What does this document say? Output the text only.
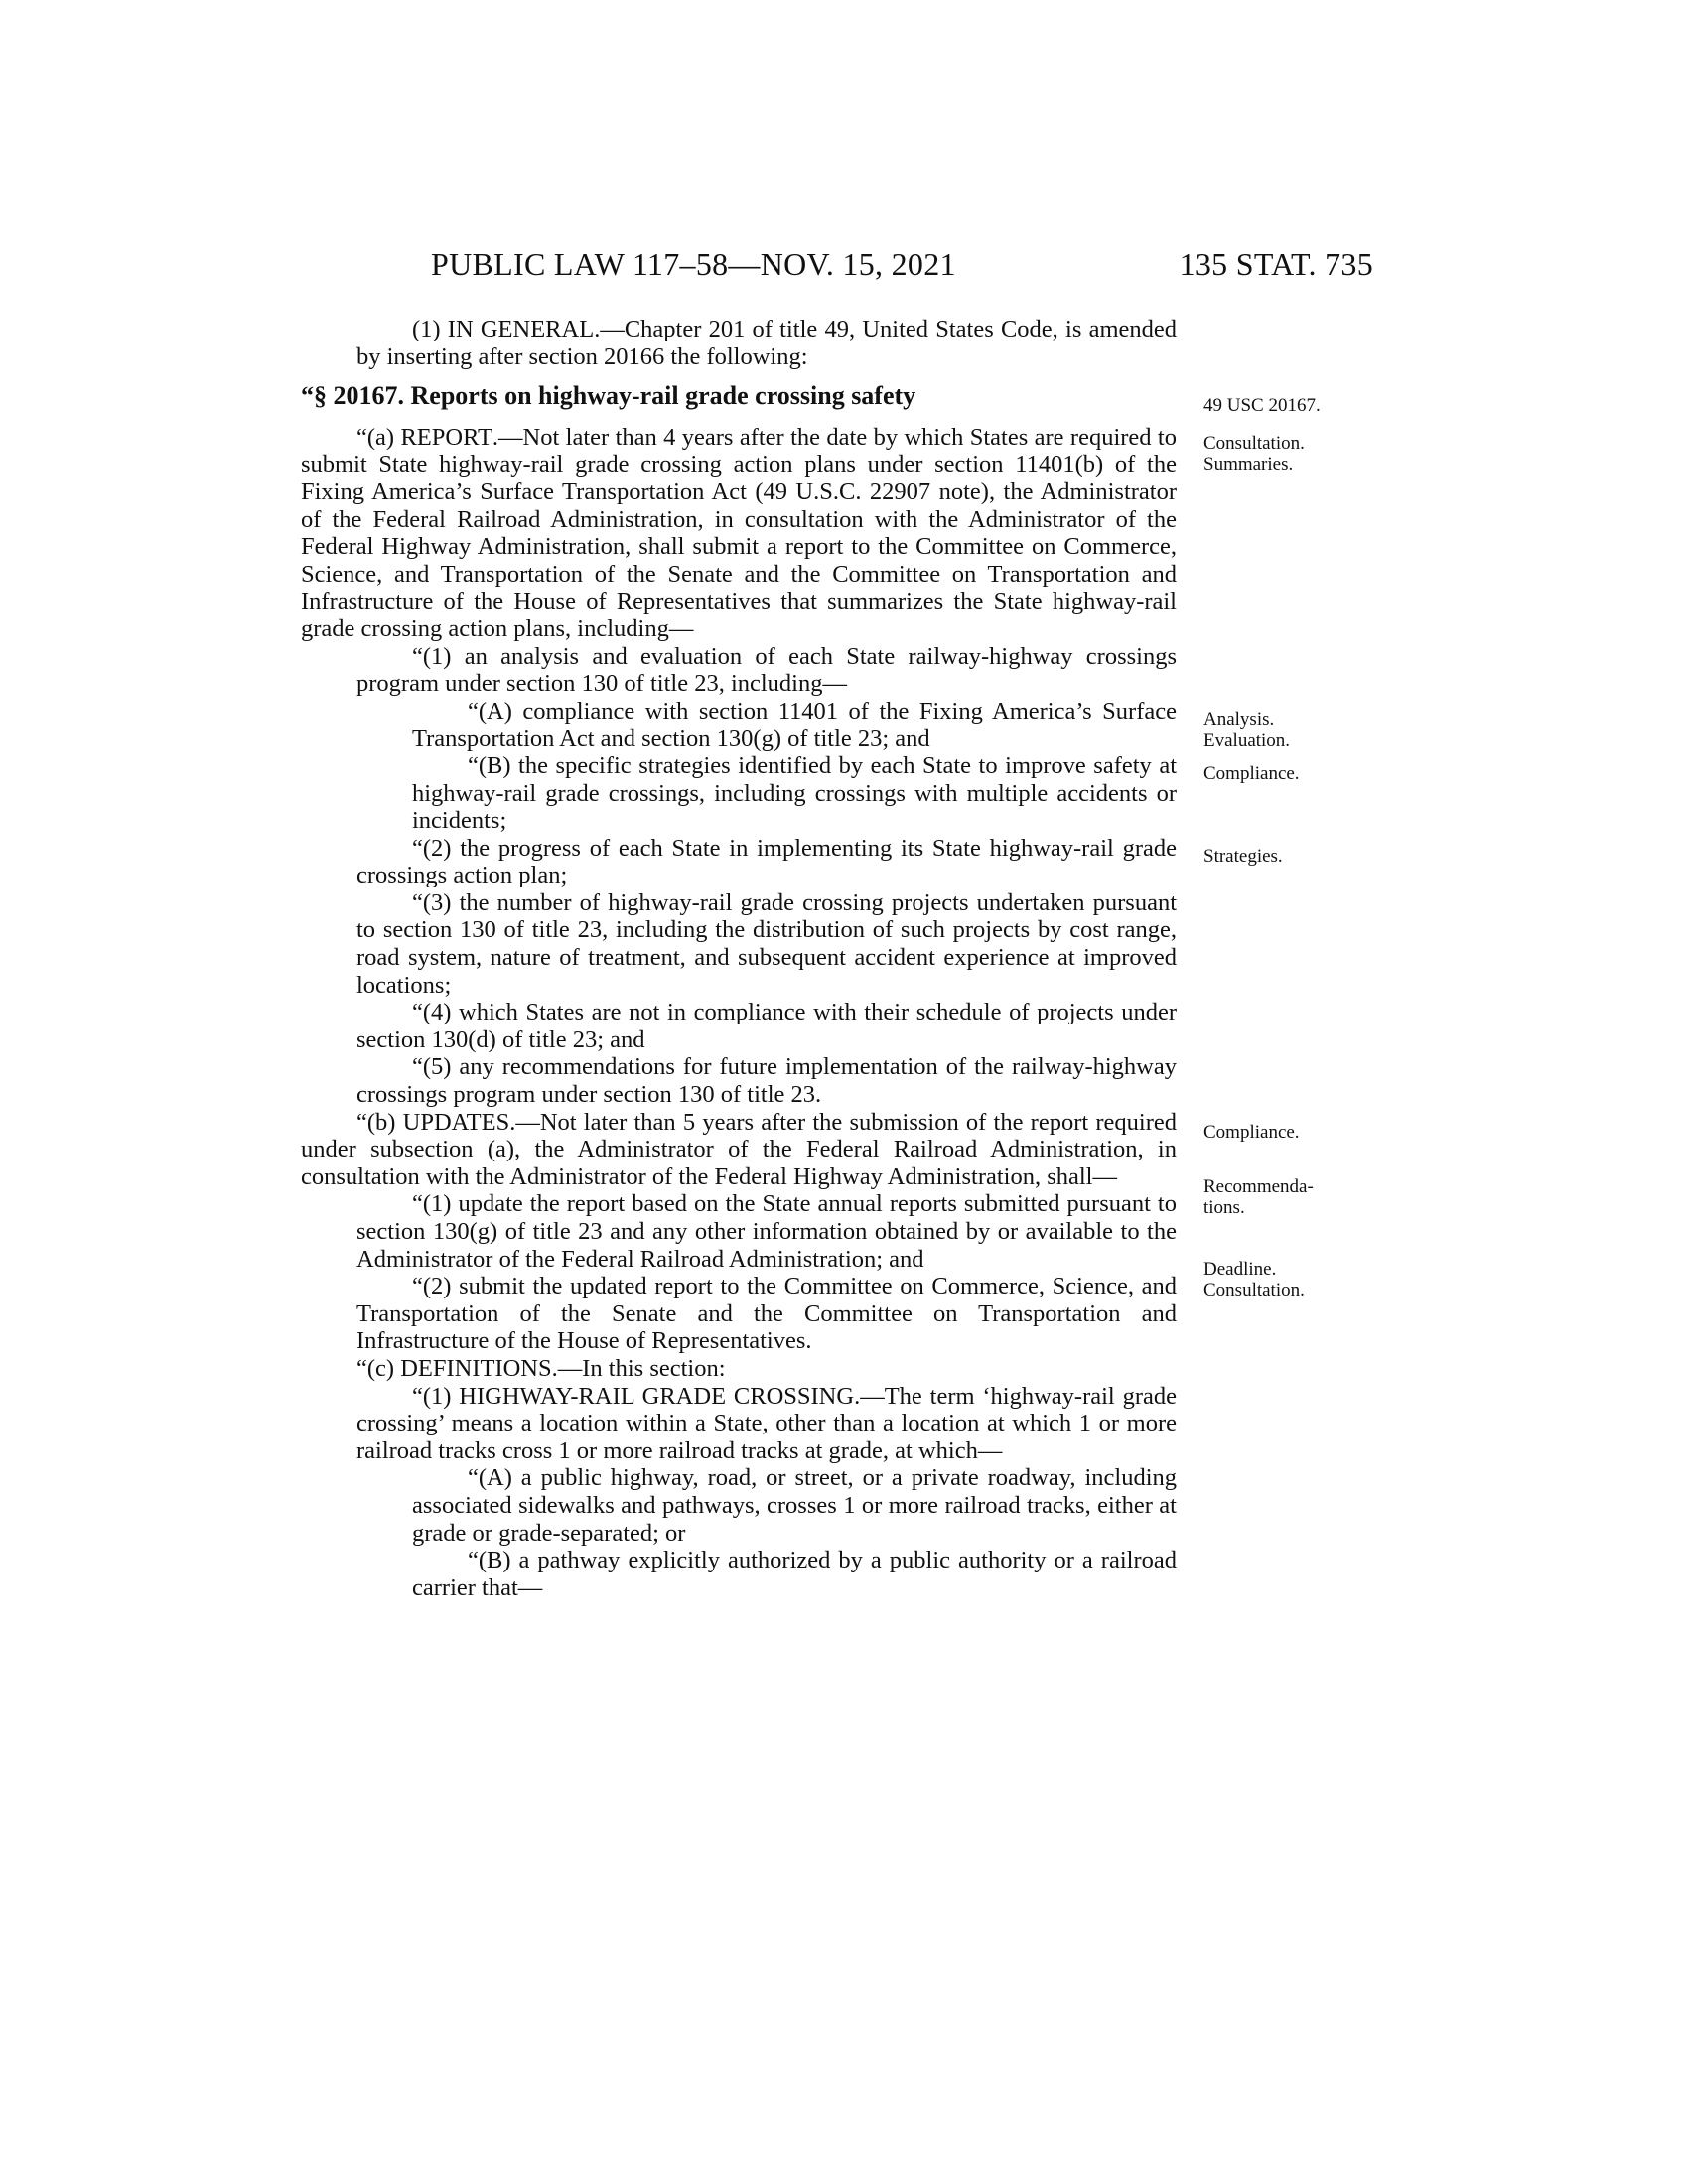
PUBLIC LAW 117–58—NOV. 15, 2021	135 STAT. 735

(1) IN GENERAL.—Chapter 201 of title 49, United States Code, is amended by inserting after section 20166 the following:

“§ 20167. Reports on highway-rail grade crossing safety

“(a) REPORT.—Not later than 4 years after the date by which States are required to submit State highway-rail grade crossing action plans under section 11401(b) of the Fixing America’s Surface Transportation Act (49 U.S.C. 22907 note), the Administrator of the Federal Railroad Administration, in consultation with the Administrator of the Federal Highway Administration, shall submit a report to the Committee on Commerce, Science, and Transportation of the Senate and the Committee on Transportation and Infrastructure of the House of Representatives that summarizes the State highway-rail grade crossing action plans, including—

“(1) an analysis and evaluation of each State railway-highway crossings program under section 130 of title 23, including—

“(A) compliance with section 11401 of the Fixing America’s Surface Transportation Act and section 130(g) of title 23; and

“(B) the specific strategies identified by each State to improve safety at highway-rail grade crossings, including crossings with multiple accidents or incidents;

“(2) the progress of each State in implementing its State highway-rail grade crossings action plan;

“(3) the number of highway-rail grade crossing projects undertaken pursuant to section 130 of title 23, including the distribution of such projects by cost range, road system, nature of treatment, and subsequent accident experience at improved locations;

“(4) which States are not in compliance with their schedule of projects under section 130(d) of title 23; and

“(5) any recommendations for future implementation of the railway-highway crossings program under section 130 of title 23.

“(b) UPDATES.—Not later than 5 years after the submission of the report required under subsection (a), the Administrator of the Federal Railroad Administration, in consultation with the Administrator of the Federal Highway Administration, shall—

“(1) update the report based on the State annual reports submitted pursuant to section 130(g) of title 23 and any other information obtained by or available to the Administrator of the Federal Railroad Administration; and

“(2) submit the updated report to the Committee on Commerce, Science, and Transportation of the Senate and the Committee on Transportation and Infrastructure of the House of Representatives.

“(c) DEFINITIONS.—In this section:

“(1) HIGHWAY-RAIL GRADE CROSSING.—The term ‘highway-rail grade crossing’ means a location within a State, other than a location at which 1 or more railroad tracks cross 1 or more railroad tracks at grade, at which—

“(A) a public highway, road, or street, or a private roadway, including associated sidewalks and pathways, crosses 1 or more railroad tracks, either at grade or grade-separated; or

“(B) a pathway explicitly authorized by a public authority or a railroad carrier that—

49 USC 20167.
Consultation.
Summaries.
Analysis.
Evaluation.
Compliance.
Strategies.
Compliance.
Recommenda-
tions.
Deadline.
Consultation.
